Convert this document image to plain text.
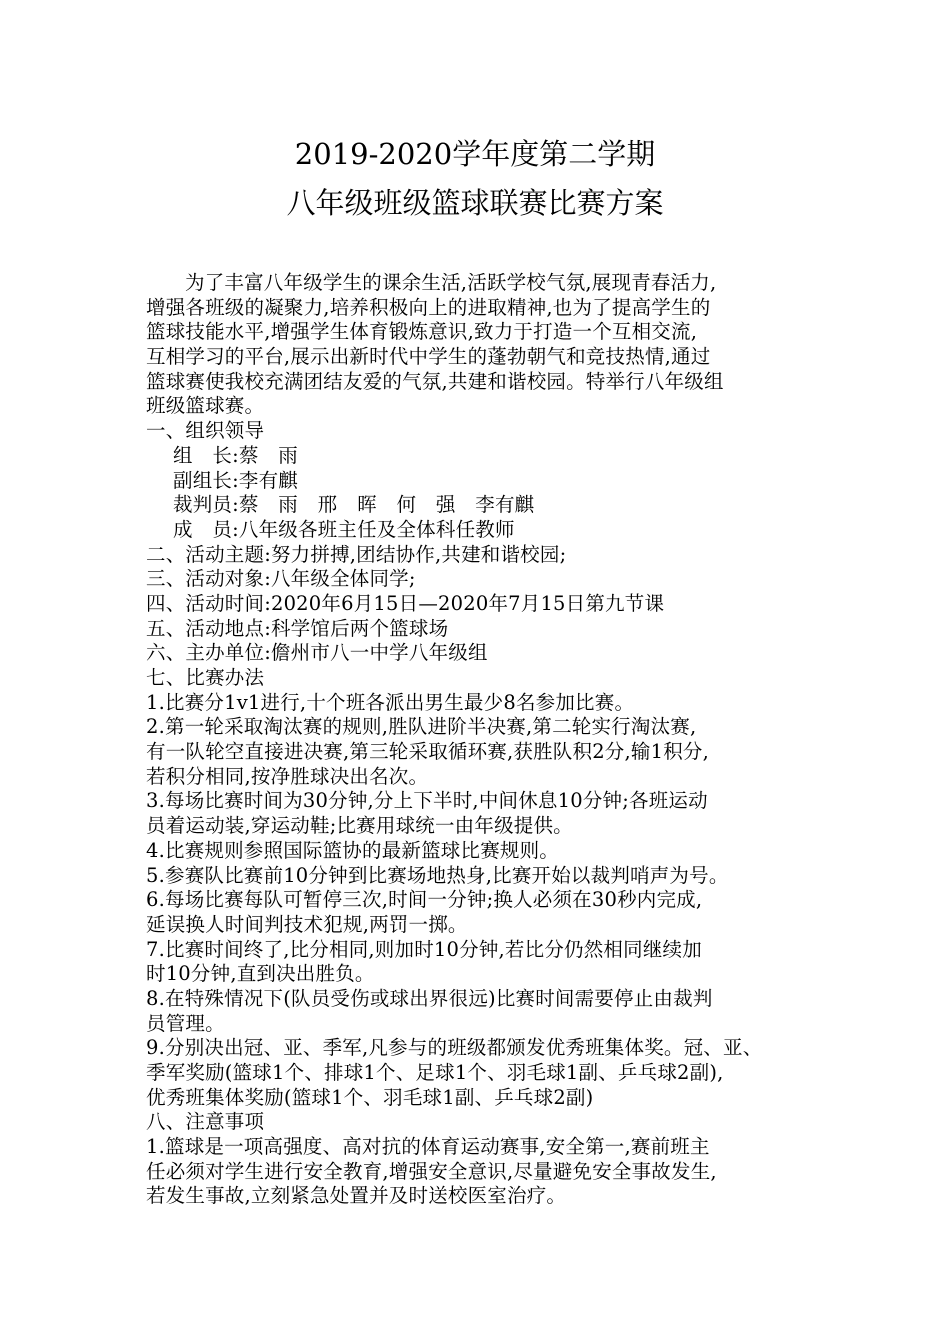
2019-2020学年度第二学期
八年级班级篮球联赛比赛方案
为了丰富八年级学生的课余生活,活跃学校气氛,展现青春活力,
增强各班级的凝聚力,培养积极向上的进取精神,也为了提高学生的
篮球技能水平,增强学生体育锻炼意识,致力于打造一个互相交流,
互相学习的平台,展示出新时代中学生的蓬勃朝气和竞技热情,通过
篮球赛使我校充满团结友爱的气氛,共建和谐校园。特举行八年级组
班级篮球赛。
一、组织领导
组　长:蔡　雨
副组长:李有麒
裁判员:蔡　雨　邢　晖　何　强　李有麒
成　员:八年级各班主任及全体科任教师
二、活动主题:努力拼搏,团结协作,共建和谐校园;
三、活动对象:八年级全体同学;
四、活动时间:2020年6月15日—2020年7月15日第九节课
五、活动地点:科学馆后两个篮球场
六、主办单位:儋州市八一中学八年级组
七、比赛办法
1.比赛分1v1进行,十个班各派出男生最少8名参加比赛。
2.第一轮采取淘汰赛的规则,胜队进阶半决赛,第二轮实行淘汰赛,
有一队轮空直接进决赛,第三轮采取循环赛,获胜队积2分,输1积分,
若积分相同,按净胜球决出名次。
3.每场比赛时间为30分钟,分上下半时,中间休息10分钟;各班运动
员着运动装,穿运动鞋;比赛用球统一由年级提供。
4.比赛规则参照国际篮协的最新篮球比赛规则。
5.参赛队比赛前10分钟到比赛场地热身,比赛开始以裁判哨声为号。
6.每场比赛每队可暂停三次,时间一分钟;换人必须在30秒内完成,
延误换人时间判技术犯规,两罚一掷。
7.比赛时间终了,比分相同,则加时10分钟,若比分仍然相同继续加
时10分钟,直到决出胜负。
8.在特殊情况下(队员受伤或球出界很远)比赛时间需要停止由裁判
员管理。
9.分别决出冠、亚、季军,凡参与的班级都颁发优秀班集体奖。冠、亚、
季军奖励(篮球1个、排球1个、足球1个、羽毛球1副、乒乓球2副),
优秀班集体奖励(篮球1个、羽毛球1副、乒乓球2副)
八、注意事项
1.篮球是一项高强度、高对抗的体育运动赛事,安全第一,赛前班主
任必须对学生进行安全教育,增强安全意识,尽量避免安全事故发生,
若发生事故,立刻紧急处置并及时送校医室治疗。
